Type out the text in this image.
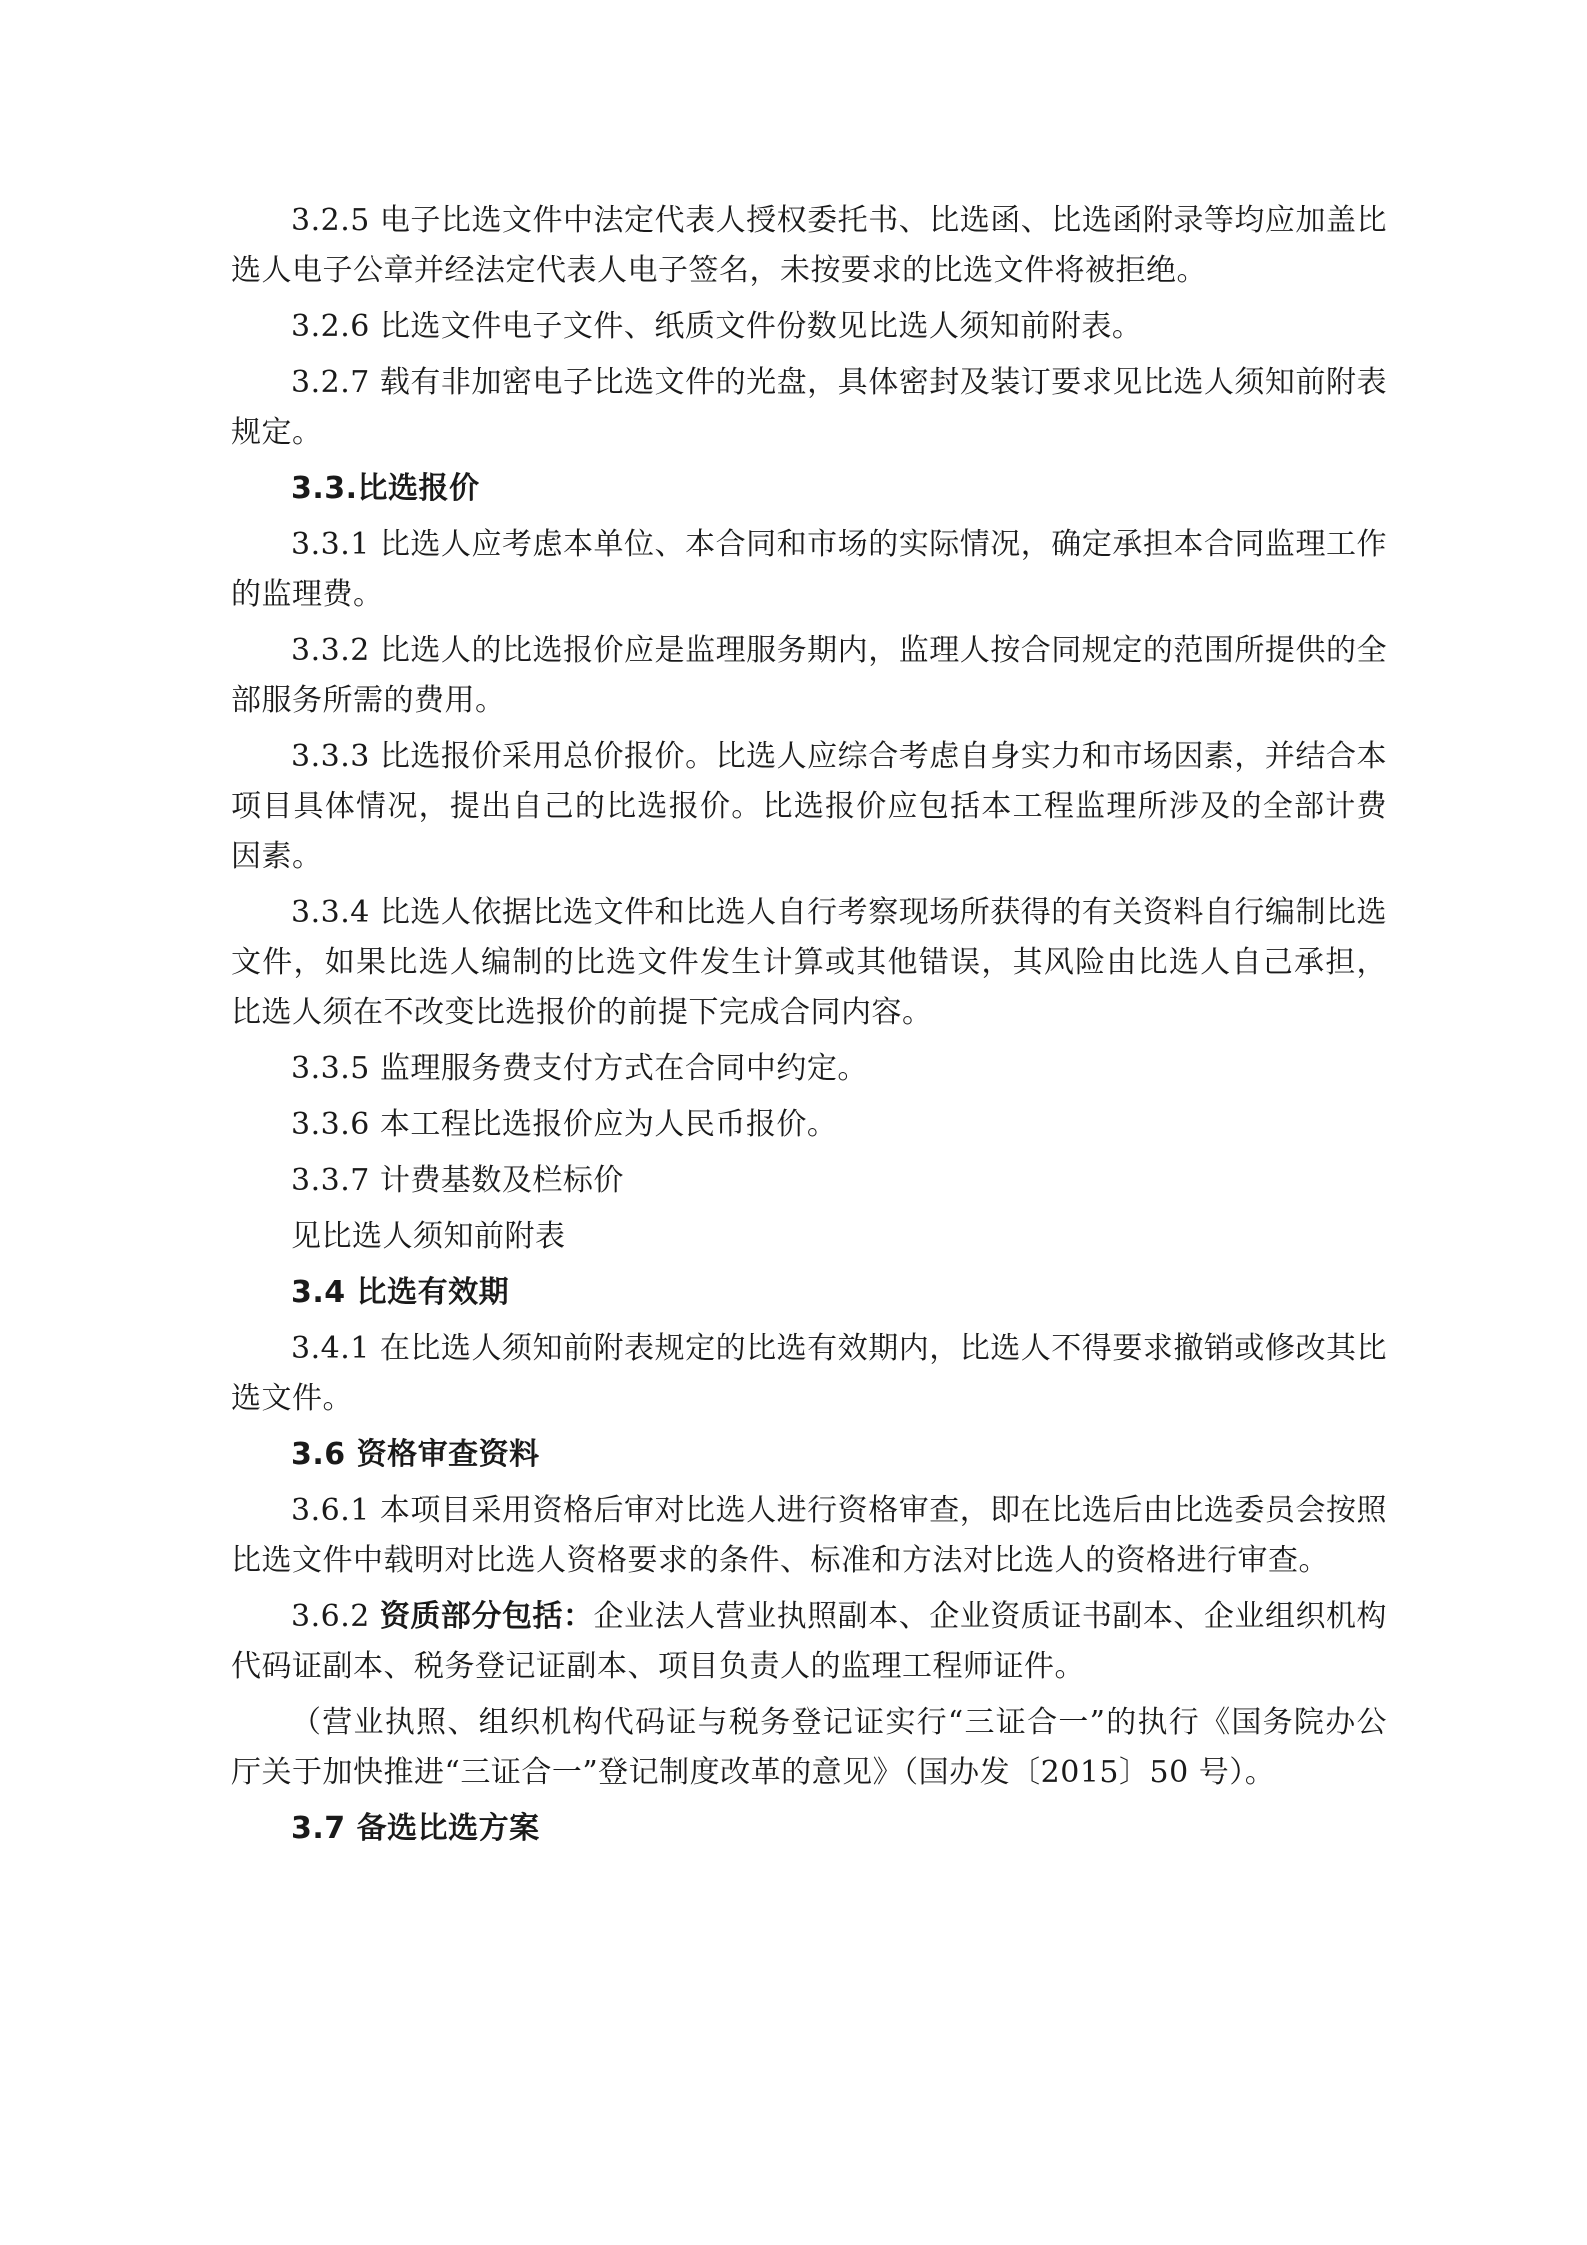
3.2.5 电子比选文件中法定代表人授权委托书、比选函、比选函附录等均应加盖比选人电子公章并经法定代表人电子签名，未按要求的比选文件将被拒绝。

3.2.6 比选文件电子文件、纸质文件份数见比选人须知前附表。

3.2.7 载有非加密电子比选文件的光盘，具体密封及装订要求见比选人须知前附表规定。

3.3.比选报价

3.3.1 比选人应考虑本单位、本合同和市场的实际情况，确定承担本合同监理工作的监理费。

3.3.2 比选人的比选报价应是监理服务期内，监理人按合同规定的范围所提供的全部服务所需的费用。

3.3.3 比选报价采用总价报价。比选人应综合考虑自身实力和市场因素，并结合本项目具体情况，提出自己的比选报价。比选报价应包括本工程监理所涉及的全部计费因素。

3.3.4 比选人依据比选文件和比选人自行考察现场所获得的有关资料自行编制比选文件，如果比选人编制的比选文件发生计算或其他错误，其风险由比选人自己承担，比选人须在不改变比选报价的前提下完成合同内容。

3.3.5 监理服务费支付方式在合同中约定。

3.3.6 本工程比选报价应为人民币报价。

3.3.7 计费基数及栏标价

见比选人须知前附表

3.4 比选有效期

3.4.1 在比选人须知前附表规定的比选有效期内，比选人不得要求撤销或修改其比选文件。

3.6 资格审查资料

3.6.1 本项目采用资格后审对比选人进行资格审查，即在比选后由比选委员会按照比选文件中载明对比选人资格要求的条件、标准和方法对比选人的资格进行审查。

3.6.2 资质部分包括：企业法人营业执照副本、企业资质证书副本、企业组织机构代码证副本、税务登记证副本、项目负责人的监理工程师证件。

（营业执照、组织机构代码证与税务登记证实行“三证合一”的执行《国务院办公厅关于加快推进“三证合一”登记制度改革的意见》（国办发〔2015〕50 号）。

3.7 备选比选方案
